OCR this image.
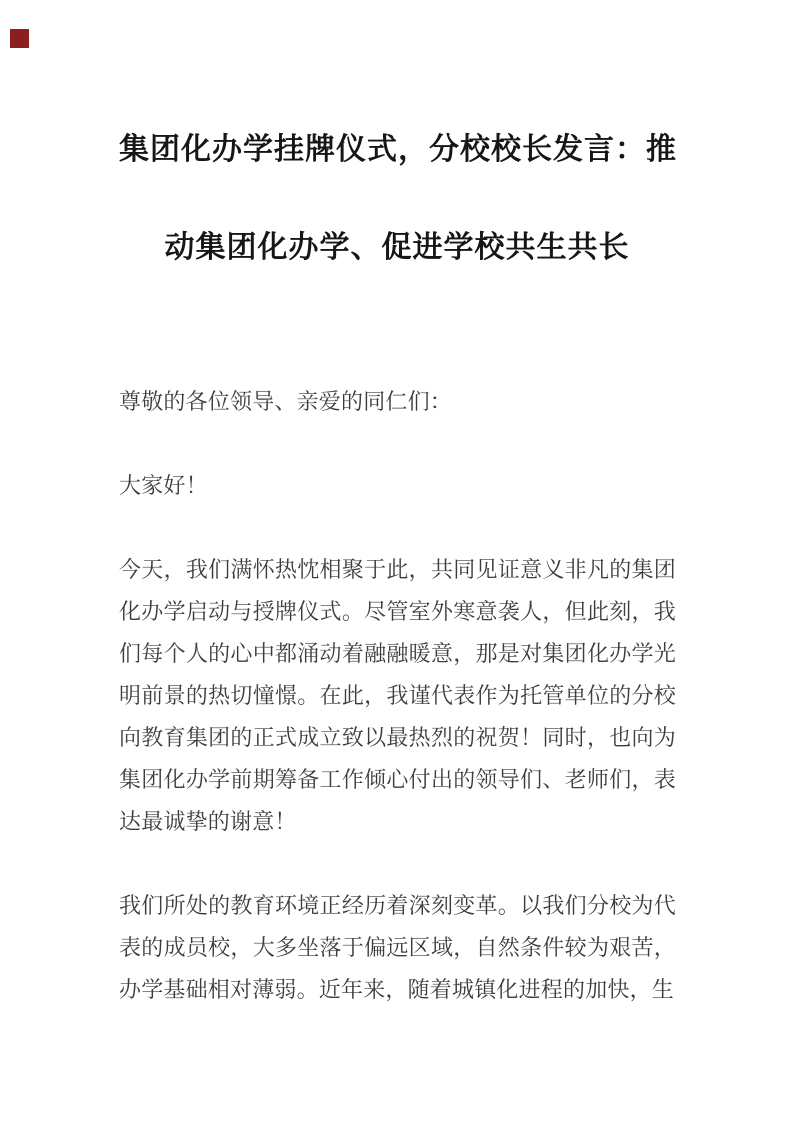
集团化办学挂牌仪式，分校校长发言：推
动集团化办学、促进学校共生共长

尊敬的各位领导、亲爱的同仁们：

大家好！

今天，我们满怀热忱相聚于此，共同见证意义非凡的集团化办学启动与授牌仪式。尽管室外寒意袭人，但此刻，我们每个人的心中都涌动着融融暖意，那是对集团化办学光明前景的热切憧憬。在此，我谨代表作为托管单位的分校向教育集团的正式成立致以最热烈的祝贺！同时，也向为集团化办学前期筹备工作倾心付出的领导们、老师们，表达最诚挚的谢意！

我们所处的教育环境正经历着深刻变革。以我们分校为代表的成员校，大多坐落于偏远区域，自然条件较为艰苦，办学基础相对薄弱。近年来，随着城镇化进程的加快，生
